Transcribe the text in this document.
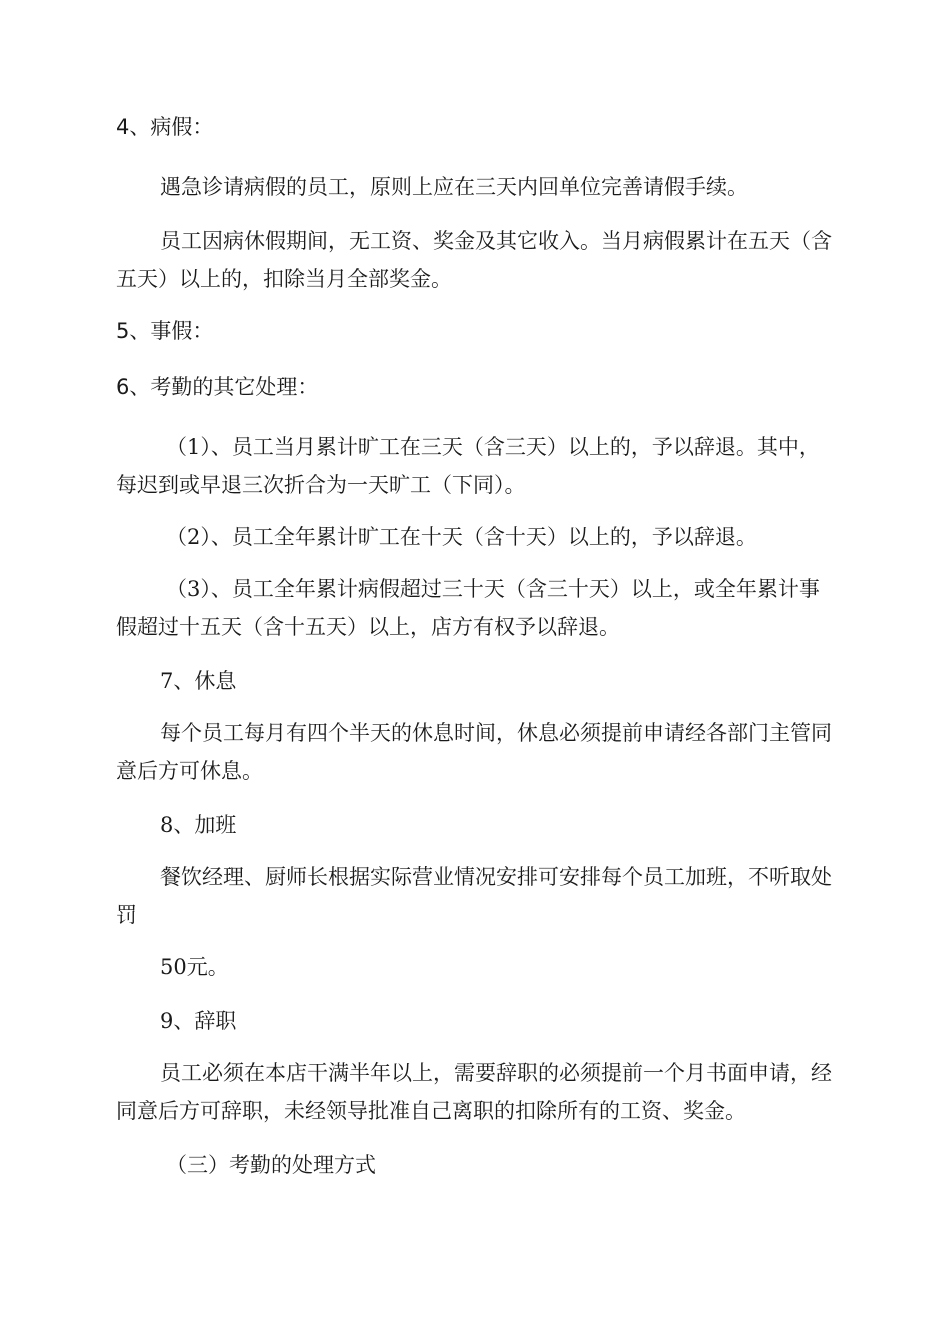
4、病假：

遇急诊请病假的员工，原则上应在三天内回单位完善请假手续。

员工因病休假期间，无工资、奖金及其它收入。当月病假累计在五天（含五天）以上的，扣除当月全部奖金。

5、事假：

6、考勤的其它处理：

（1）、员工当月累计旷工在三天（含三天）以上的，予以辞退。其中，每迟到或早退三次折合为一天旷工（下同）。

（2）、员工全年累计旷工在十天（含十天）以上的，予以辞退。

（3）、员工全年累计病假超过三十天（含三十天）以上，或全年累计事假超过十五天（含十五天）以上，店方有权予以辞退。

7、休息

每个员工每月有四个半天的休息时间，休息必须提前申请经各部门主管同意后方可休息。

8、加班

餐饮经理、厨师长根据实际营业情况安排可安排每个员工加班，不听取处罚

50元。

9、辞职

员工必须在本店干满半年以上，需要辞职的必须提前一个月书面申请，经同意后方可辞职，未经领导批准自己离职的扣除所有的工资、奖金。

（三）考勤的处理方式
